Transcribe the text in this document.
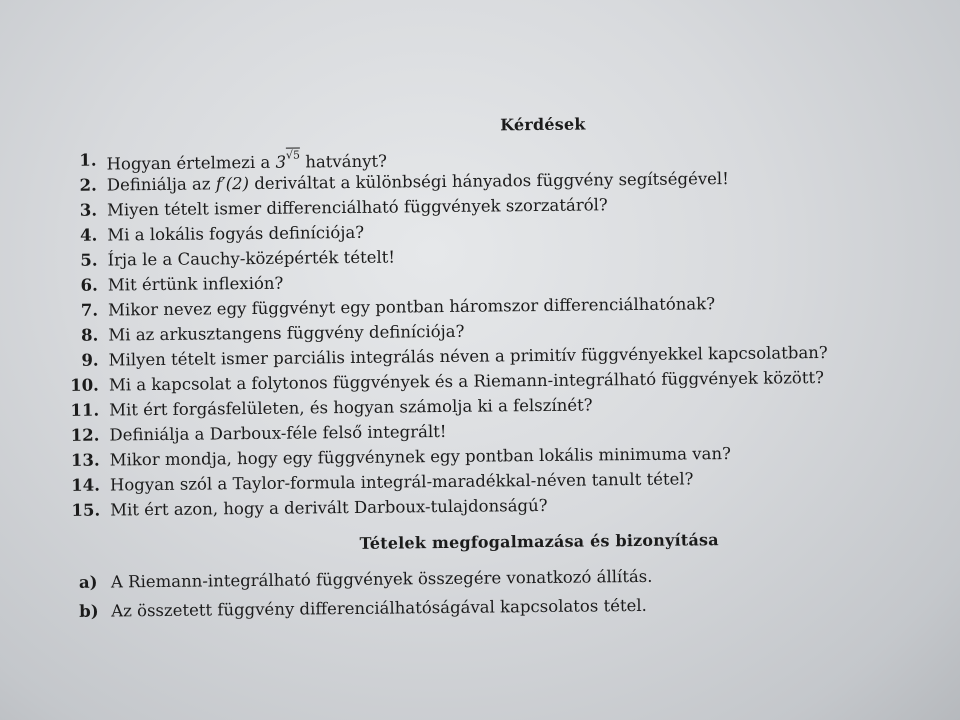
Kérdések
1. Hogyan értelmezi a $3^{√5}$ hatványt?
2. Definiálja az f′(2) deriváltat a különbségi hányados függvény segítségével!
3. Miyen tételt ismer differenciálható függvények szorzatáról?
4. Mi a lokális fogyás definíciója?
5. Írja le a Cauchy-középérték tételt!
6. Mit értünk inflexión?
7. Mikor nevez egy függvényt egy pontban háromszor differenciálhatónak?
8. Mi az arkusztangens függvény definíciója?
9. Milyen tételt ismer parciális integrálás néven a primitív függvényekkel kapcsolatban?
10. Mi a kapcsolat a folytonos függvények és a Riemann-integrálható függvények között?
11. Mit ért forgásfelületen, és hogyan számolja ki a felszínét?
12. Definiálja a Darboux-féle felső integrált!
13. Mikor mondja, hogy egy függvénynek egy pontban lokális minimuma van?
14. Hogyan szól a Taylor-formula integrál-maradékkal-néven tanult tétel?
15. Mit ért azon, hogy a derivált Darboux-tulajdonságú?
Tételek megfogalmazása és bizonyítása
a) A Riemann-integrálható függvények összegére vonatkozó állítás.
b) Az összetett függvény differenciálhatóságával kapcsolatos tétel.
